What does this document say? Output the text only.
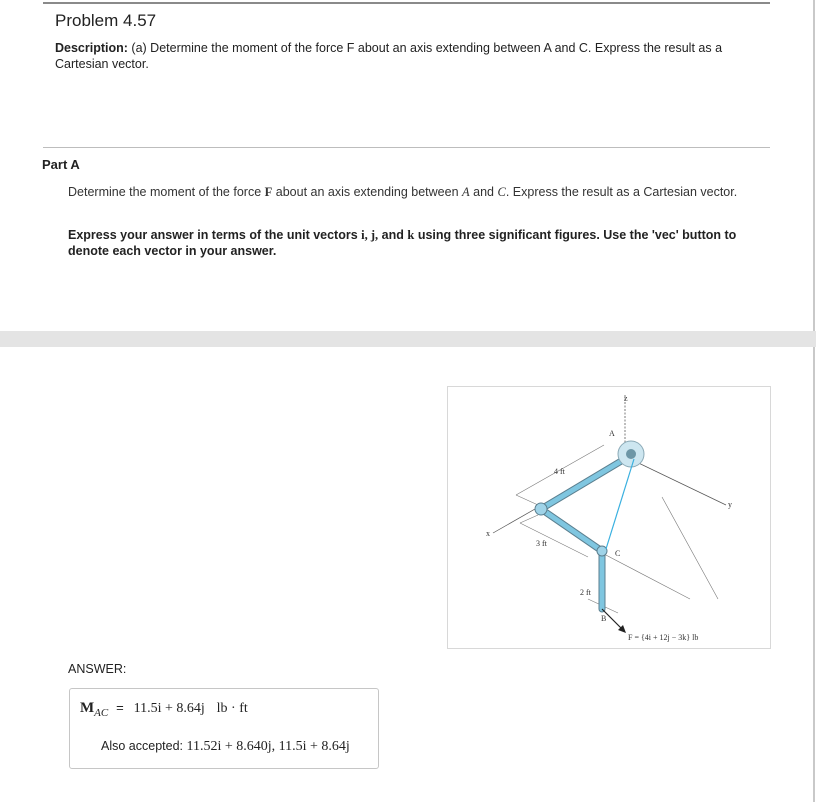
Problem 4.57
Description: (a) Determine the moment of the force F about an axis extending between A and C. Express the result as a Cartesian vector.
Part A
Determine the moment of the force F about an axis extending between A and C. Express the result as a Cartesian vector.
Express your answer in terms of the unit vectors i, j, and k using three significant figures. Use the 'vec' button to denote each vector in your answer.
z
A
4 ft
3 ft
2 ft
C
B
x
y
F = {4i + 12j − 3k} lb
ANSWER:
$M_{AC} = 11.5i + 8.64j$ lb · ft
Also accepted: 11.52i + 8.640j, 11.5i + 8.64j
